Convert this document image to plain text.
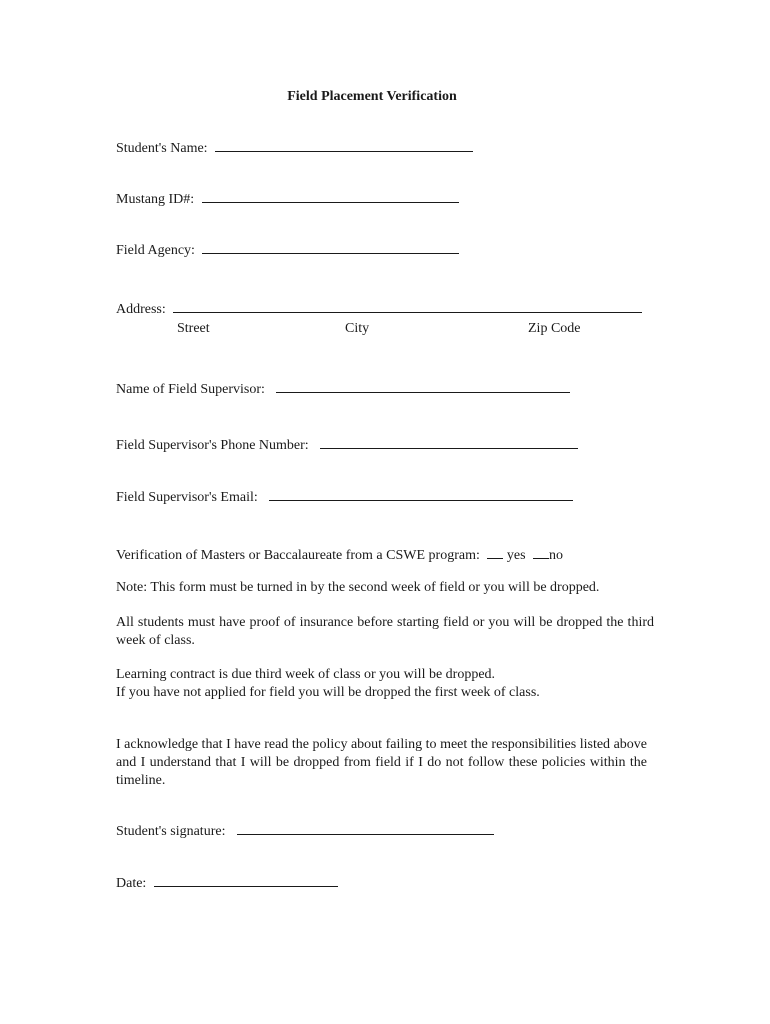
Field Placement Verification
Student's Name:
Mustang ID#:
Field Agency:
Address:
Street	City	Zip Code
Name of Field Supervisor:
Field Supervisor's Phone Number:
Field Supervisor's Email:
Verification of Masters or Baccalaureate from a CSWE program: yes no
Note: This form must be turned in by the second week of field or you will be dropped.
All students must have proof of insurance before starting field or you will be dropped the third week of class.
Learning contract is due third week of class or you will be dropped.
If you have not applied for field you will be dropped the first week of class.
I acknowledge that I have read the policy about failing to meet the responsibilities listed above and I understand that I will be dropped from field if I do not follow these policies within the timeline.
Student's signature:
Date:
